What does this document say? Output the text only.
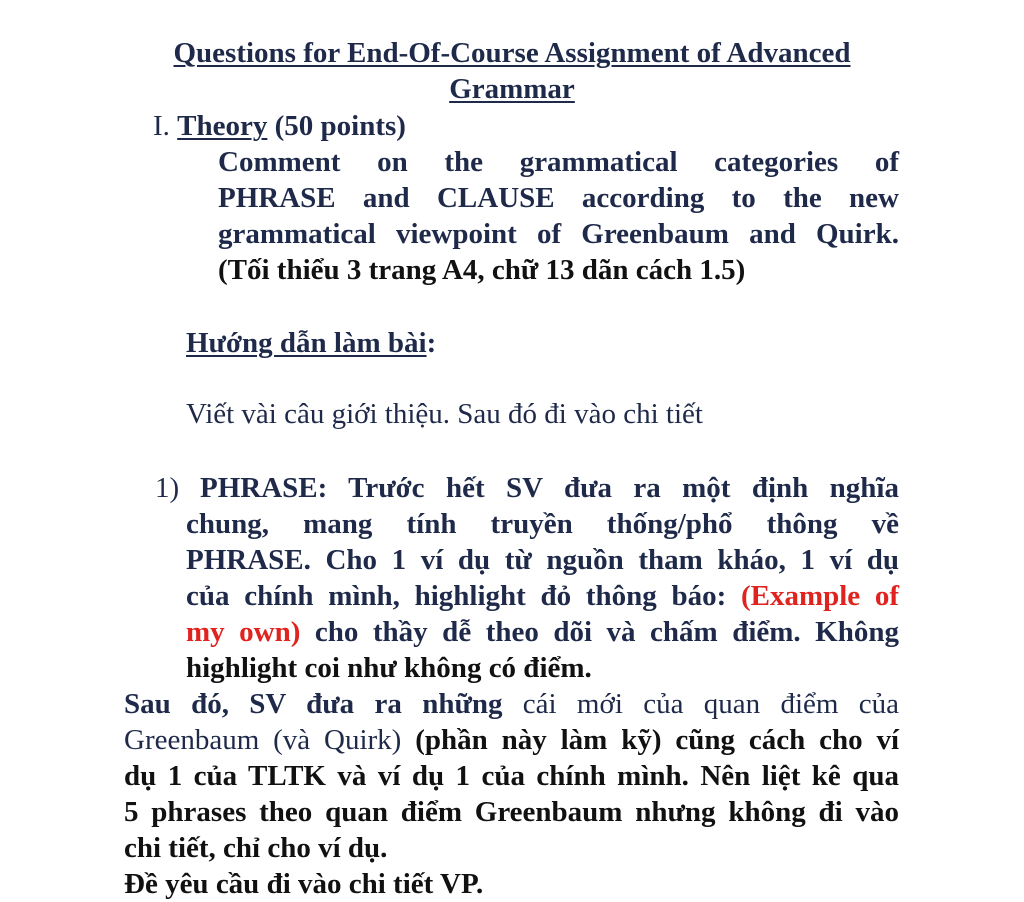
Questions for End-Of-Course Assignment of Advanced
Grammar
I. Theory (50 points)
Comment on the grammatical categories of
PHRASE and CLAUSE according to the new
grammatical viewpoint of Greenbaum and Quirk.
(Tối thiểu 3 trang A4, chữ 13 dãn cách 1.5)
Hướng dẫn làm bài:
Viết vài câu giới thiệu. Sau đó đi vào chi tiết
1) PHRASE: Trước hết SV đưa ra một định nghĩa
chung, mang tính truyền thống/phổ thông về
PHRASE. Cho 1 ví dụ từ nguồn tham kháo, 1 ví dụ
của chính mình, highlight đỏ thông báo: (Example of
my own) cho thầy dễ theo dõi và chấm điểm. Không
highlight coi như không có điểm.
Sau đó, SV đưa ra những cái mới của quan điểm của
Greenbaum (và Quirk) (phần này làm kỹ) cũng cách cho ví
dụ 1 của TLTK và ví dụ 1 của chính mình. Nên liệt kê qua
5 phrases theo quan điểm Greenbaum nhưng không đi vào
chi tiết, chỉ cho ví dụ.
Đề yêu cầu đi vào chi tiết VP.
